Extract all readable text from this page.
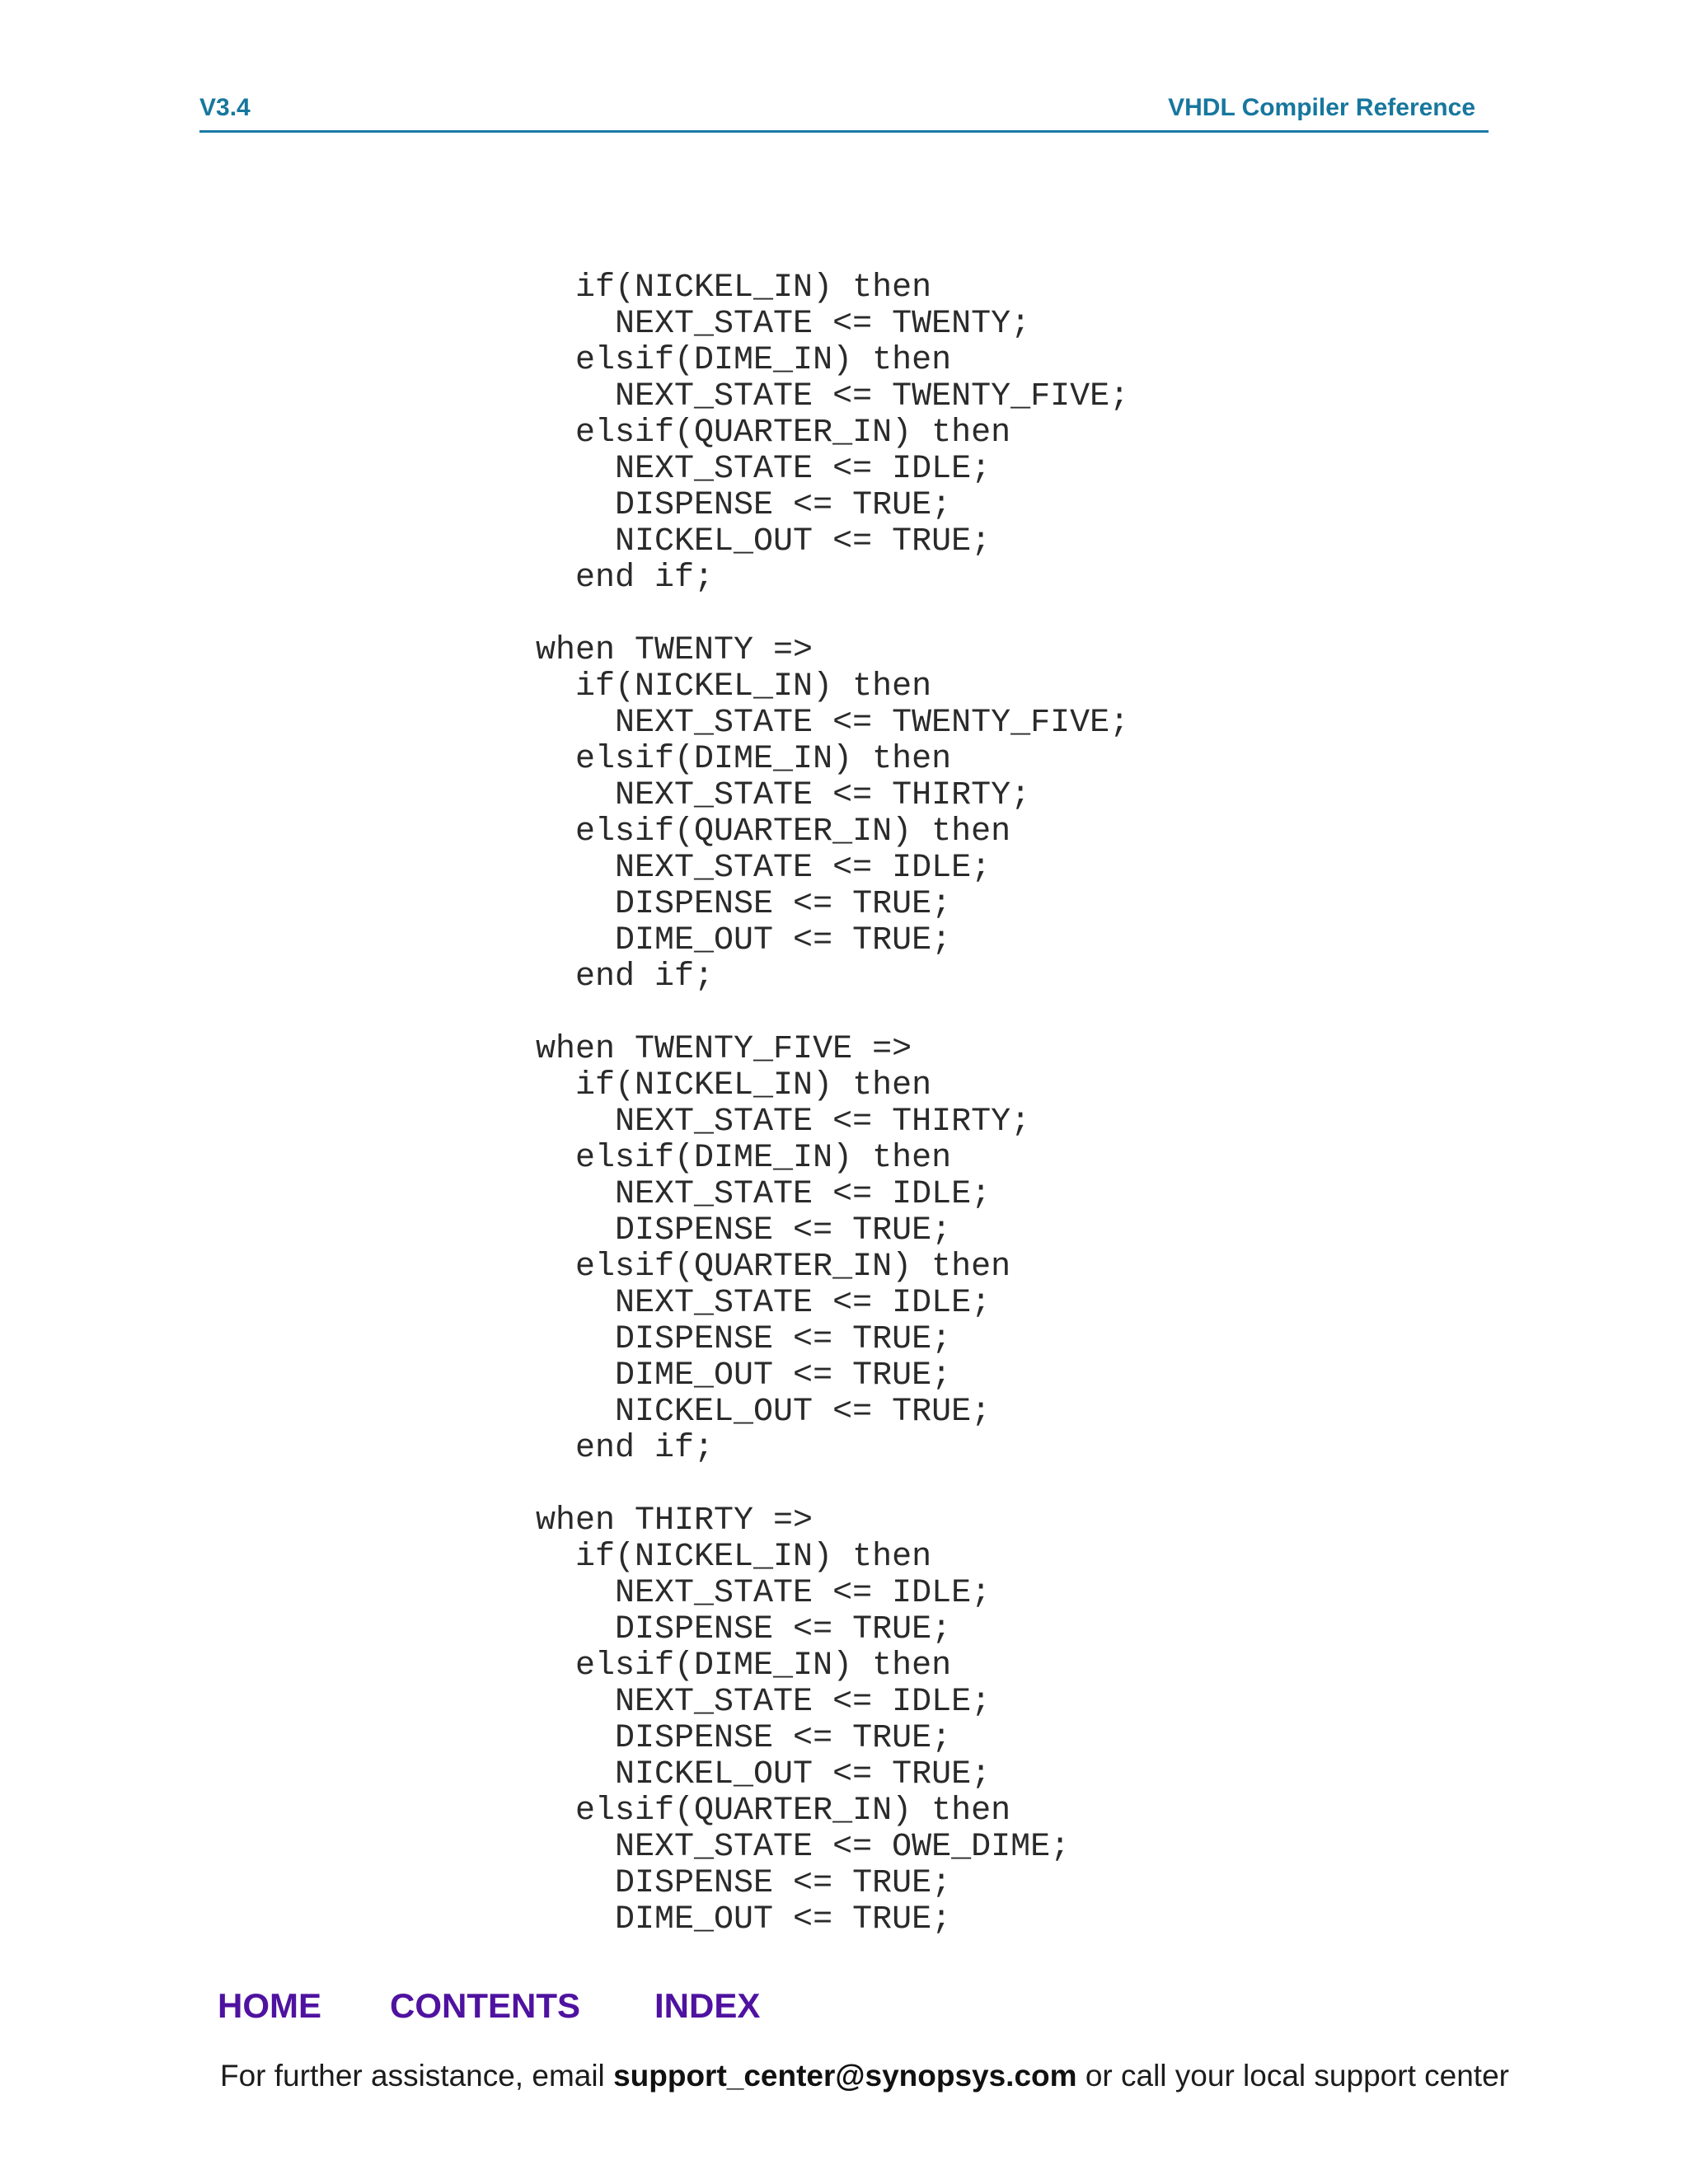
V3.4	VHDL Compiler Reference
if(NICKEL_IN) then
NEXT_STATE <= TWENTY;
elsif(DIME_IN) then
NEXT_STATE <= TWENTY_FIVE;
elsif(QUARTER_IN) then
NEXT_STATE <= IDLE;
DISPENSE <= TRUE;
NICKEL_OUT <= TRUE;
end if;
when TWENTY =>
if(NICKEL_IN) then
NEXT_STATE <= TWENTY_FIVE;
elsif(DIME_IN) then
NEXT_STATE <= THIRTY;
elsif(QUARTER_IN) then
NEXT_STATE <= IDLE;
DISPENSE <= TRUE;
DIME_OUT <= TRUE;
end if;
when TWENTY_FIVE =>
if(NICKEL_IN) then
NEXT_STATE <= THIRTY;
elsif(DIME_IN) then
NEXT_STATE <= IDLE;
DISPENSE <= TRUE;
elsif(QUARTER_IN) then
NEXT_STATE <= IDLE;
DISPENSE <= TRUE;
DIME_OUT <= TRUE;
NICKEL_OUT <= TRUE;
end if;
when THIRTY =>
if(NICKEL_IN) then
NEXT_STATE <= IDLE;
DISPENSE <= TRUE;
elsif(DIME_IN) then
NEXT_STATE <= IDLE;
DISPENSE <= TRUE;
NICKEL_OUT <= TRUE;
elsif(QUARTER_IN) then
NEXT_STATE <= OWE_DIME;
DISPENSE <= TRUE;
DIME_OUT <= TRUE;
HOME CONTENTS INDEX
For further assistance, email support_center@synopsys.com or call your local support center
